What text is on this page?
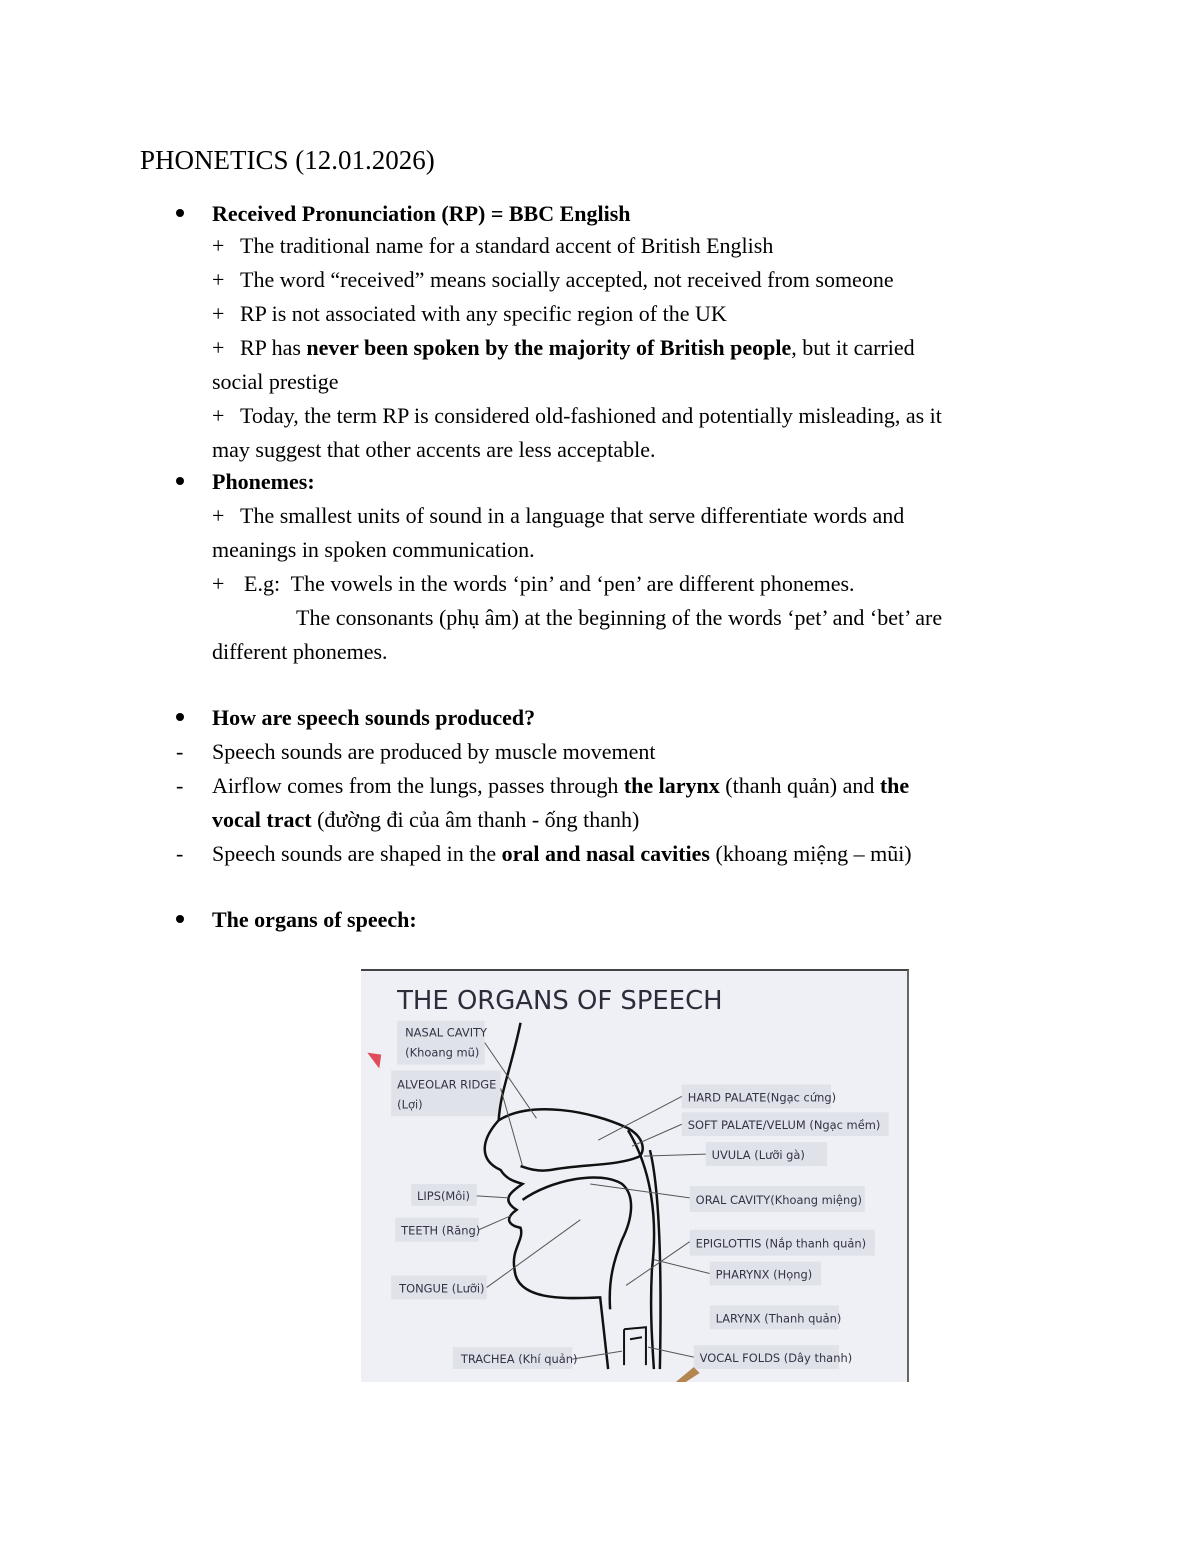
PHONETICS (12.01.2026)
Received Pronunciation (RP) = BBC English
+ The traditional name for a standard accent of British English
+ The word “received” means socially accepted, not received from someone
+ RP is not associated with any specific region of the UK
+ RP has never been spoken by the majority of British people, but it carried
social prestige
+ Today, the term RP is considered old-fashioned and potentially misleading, as it
may suggest that other accents are less acceptable.
Phonemes:
+ The smallest units of sound in a language that serve differentiate words and
meanings in spoken communication.
+ E.g:  The vowels in the words ‘pin’ and ‘pen’ are different phonemes.
The consonants (phụ âm) at the beginning of the words ‘pet’ and ‘bet’ are
different phonemes.
How are speech sounds produced?
- Speech sounds are produced by muscle movement
- Airflow comes from the lungs, passes through the larynx (thanh quản) and the
vocal tract (đường đi của âm thanh - ống thanh)
- Speech sounds are shaped in the oral and nasal cavities (khoang miệng – mũi)
The organs of speech:
THE ORGANS OF SPEECH
NASAL CAVITY
(Khoang mũ)
ALVEOLAR RIDGE
(Lợi)
LIPS(Môi)
TEETH (Răng)
TONGUE (Lưỡi)
TRACHEA (Khí quản)
HARD PALATE(Ngạc cứng)
SOFT PALATE/VELUM (Ngạc mềm)
UVULA (Lưỡi gà)
ORAL CAVITY(Khoang miệng)
EPIGLOTTIS (Nắp thanh quản)
PHARYNX (Họng)
LARYNX (Thanh quản)
VOCAL FOLDS (Dây thanh)
